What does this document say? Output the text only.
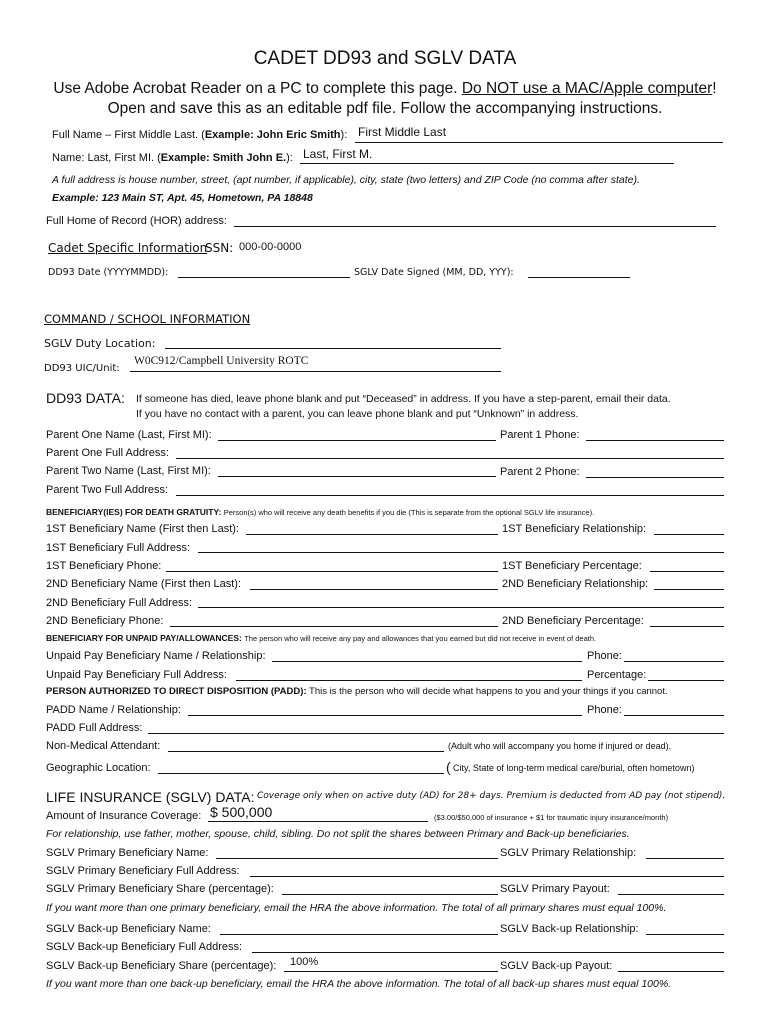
CADET DD93 and SGLV DATA
Use Adobe Acrobat Reader on a PC to complete this page. Do NOT use a MAC/Apple computer!
Open and save this as an editable pdf file. Follow the accompanying instructions.
Full Name – First Middle Last. (Example: John Eric Smith): First Middle Last
Name: Last, First MI. (Example: Smith John E.): Last, First M.
A full address is house number, street, (apt number, if applicable), city, state (two letters) and ZIP Code (no comma after state).
Example: 123 Main ST, Apt. 45, Hometown, PA 18848
Full Home of Record (HOR) address:
Cadet Specific Information
SSN: 000-00-0000
DD93 Date (YYYYMMDD):	SGLV Date Signed (MM, DD, YYY):
COMMAND / SCHOOL INFORMATION
SGLV Duty Location:
DD93 UIC/Unit:
W0C912/Campbell University ROTC
DD93 DATA: If someone has died, leave phone blank and put “Deceased” in address. If you have a step-parent, email their data.
If you have no contact with a parent, you can leave phone blank and put “Unknown” in address.
Parent One Name (Last, First MI):	Parent 1 Phone:
Parent One Full Address:
Parent Two Name (Last, First MI):	Parent 2 Phone:
Parent Two Full Address:
BENEFICIARY(IES) FOR DEATH GRATUITY: Person(s) who will receive any death benefits if you die (This is separate from the optional SGLV life insurance).
1ST Beneficiary Name (First then Last):	1ST Beneficiary Relationship:
1ST Beneficiary Full Address:
1ST Beneficiary Phone:	1ST Beneficiary Percentage:
2ND Beneficiary Name (First then Last):	2ND Beneficiary Relationship:
2ND Beneficiary Full Address:
2ND Beneficiary Phone:	2ND Beneficiary Percentage:
BENEFICIARY FOR UNPAID PAY/ALLOWANCES: The person who will receive any pay and allowances that you earned but did not receive in event of death.
Unpaid Pay Beneficiary Name / Relationship:	Phone:
Unpaid Pay Beneficiary Full Address:	Percentage:
PERSON AUTHORIZED TO DIRECT DISPOSITION (PADD): This is the person who will decide what happens to you and your things if you cannot.
PADD Name / Relationship:	Phone:
PADD Full Address:
Non-Medical Attendant:	(Adult who will accompany you home if injured or dead).
Geographic Location:	( City, State of long-term medical care/burial, often hometown)
LIFE INSURANCE (SGLV) DATA: Coverage only when on active duty (AD) for 28+ days. Premium is deducted from AD pay (not stipend).
Amount of Insurance Coverage: $ 500,000	($3.00/$50,000 of insurance + $1 for traumatic injury insurance/month)
For relationship, use father, mother, spouse, child, sibling. Do not split the shares between Primary and Back-up beneficiaries.
SGLV Primary Beneficiary Name:	SGLV Primary Relationship:
SGLV Primary Beneficiary Full Address:
SGLV Primary Beneficiary Share (percentage):	SGLV Primary Payout:
If you want more than one primary beneficiary, email the HRA the above information. The total of all primary shares must equal 100%.
SGLV Back-up Beneficiary Name:	SGLV Back-up Relationship:
SGLV Back-up Beneficiary Full Address:
SGLV Back-up Beneficiary Share (percentage): 100%	SGLV Back-up Payout:
If you want more than one back-up beneficiary, email the HRA the above information. The total of all back-up shares must equal 100%.
